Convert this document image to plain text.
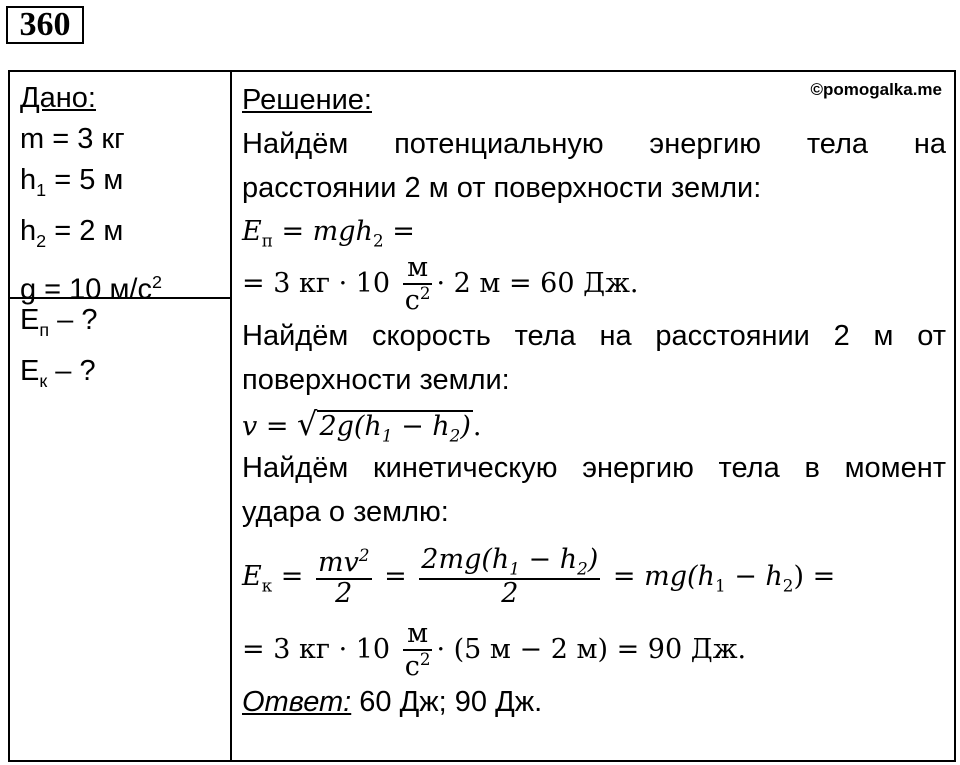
360
Дано:
m = 3 кг
$h_1 = 5$ м
$h_2 = 2$ м
g = 10 $м/с^2$
$E_п$ – ?
$E_к$ – ?
©pomogalka.me
Решение:
Найдём потенциальную энергию тела на
расстоянии 2 м от поверхности земли:
$E_п = mgh_2$ =
= 3 кг · $10 \frac{м}{с^2} \cdot 2$ м = 60 Дж.
Найдём скорость тела на расстоянии 2 м от
поверхности земли:
$v = √2g(h_1 - h_2)$.
Найдём кинетическую энергию тела в момент
удара о землю:
$E_к = \frac{mv^2}{2} = \frac{2mg(h_1 - h_2)}{2} = mg(h_1 - h_2)$ =
= 3 кг · $10 \frac{м}{с^2} \cdot (5$ м − 2 м) = 90 Дж.
Ответ: 60 Дж; 90 Дж.
